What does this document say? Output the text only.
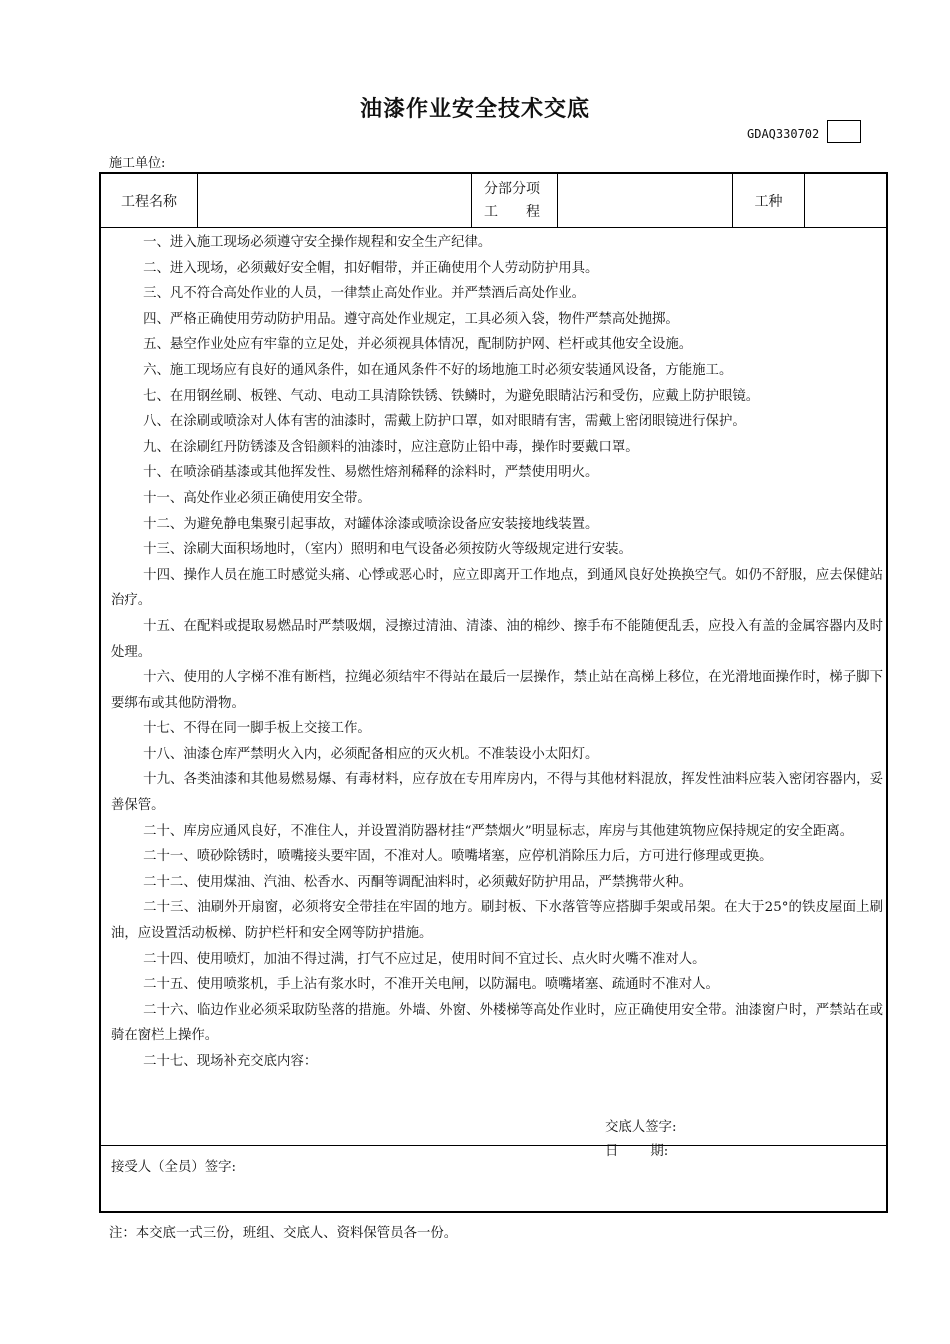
油漆作业安全技术交底
GDAQ330702
施工单位:
工程名称
分部分项
工　　程
工种

一、进入施工现场必须遵守安全操作规程和安全生产纪律。

二、进入现场，必须戴好安全帽，扣好帽带，并正确使用个人劳动防护用具。

三、凡不符合高处作业的人员，一律禁止高处作业。并严禁酒后高处作业。

四、严格正确使用劳动防护用品。遵守高处作业规定，工具必须入袋，物件严禁高处抛掷。

五、悬空作业处应有牢靠的立足处，并必须视具体情况，配制防护网、栏杆或其他安全设施。

六、施工现场应有良好的通风条件，如在通风条件不好的场地施工时必须安装通风设备，方能施工。

七、在用钢丝刷、板锉、气动、电动工具清除铁锈、铁鳞时，为避免眼睛沾污和受伤，应戴上防护眼镜。

八、在涂刷或喷涂对人体有害的油漆时，需戴上防护口罩，如对眼睛有害，需戴上密闭眼镜进行保护。

九、在涂刷红丹防锈漆及含铅颜料的油漆时，应注意防止铅中毒，操作时要戴口罩。

十、在喷涂硝基漆或其他挥发性、易燃性熔剂稀释的涂料时，严禁使用明火。

十一、高处作业必须正确使用安全带。

十二、为避免静电集聚引起事故，对罐体涂漆或喷涂设备应安装接地线装置。

十三、涂刷大面积场地时，（室内）照明和电气设备必须按防火等级规定进行安装。

十四、操作人员在施工时感觉头痛、心悸或恶心时，应立即离开工作地点，到通风良好处换换空气。如仍不舒服，应去保健站治疗。

十五、在配料或提取易燃品时严禁吸烟，浸擦过清油、清漆、油的棉纱、擦手布不能随便乱丢，应投入有盖的金属容器内及时处理。

十六、使用的人字梯不准有断档，拉绳必须结牢不得站在最后一层操作，禁止站在高梯上移位，在光滑地面操作时，梯子脚下要绑布或其他防滑物。

十七、不得在同一脚手板上交接工作。

十八、油漆仓库严禁明火入内，必须配备相应的灭火机。不准装设小太阳灯。

十九、各类油漆和其他易燃易爆、有毒材料，应存放在专用库房内，不得与其他材料混放，挥发性油料应装入密闭容器内，妥善保管。

二十、库房应通风良好，不准住人，并设置消防器材挂“严禁烟火”明显标志，库房与其他建筑物应保持规定的安全距离。

二十一、喷砂除锈时，喷嘴接头要牢固，不准对人。喷嘴堵塞，应停机消除压力后，方可进行修理或更换。

二十二、使用煤油、汽油、松香水、丙酮等调配油料时，必须戴好防护用品，严禁携带火种。

二十三、油刷外开扇窗，必须将安全带挂在牢固的地方。刷封板、下水落管等应搭脚手架或吊架。在大于25°的铁皮屋面上刷油，应设置活动板梯、防护栏杆和安全网等防护措施。

二十四、使用喷灯，加油不得过满，打气不应过足，使用时间不宜过长、点火时火嘴不准对人。

二十五、使用喷浆机，手上沾有浆水时，不准开关电闸，以防漏电。喷嘴堵塞、疏通时不准对人。

二十六、临边作业必须采取防坠落的措施。外墙、外窗、外楼梯等高处作业时，应正确使用安全带。油漆窗户时，严禁站在或骑在窗栏上操作。

二十七、现场补充交底内容：

交底人签字:
日 期:
接受人（全员）签字:
注：本交底一式三份，班组、交底人、资料保管员各一份。
